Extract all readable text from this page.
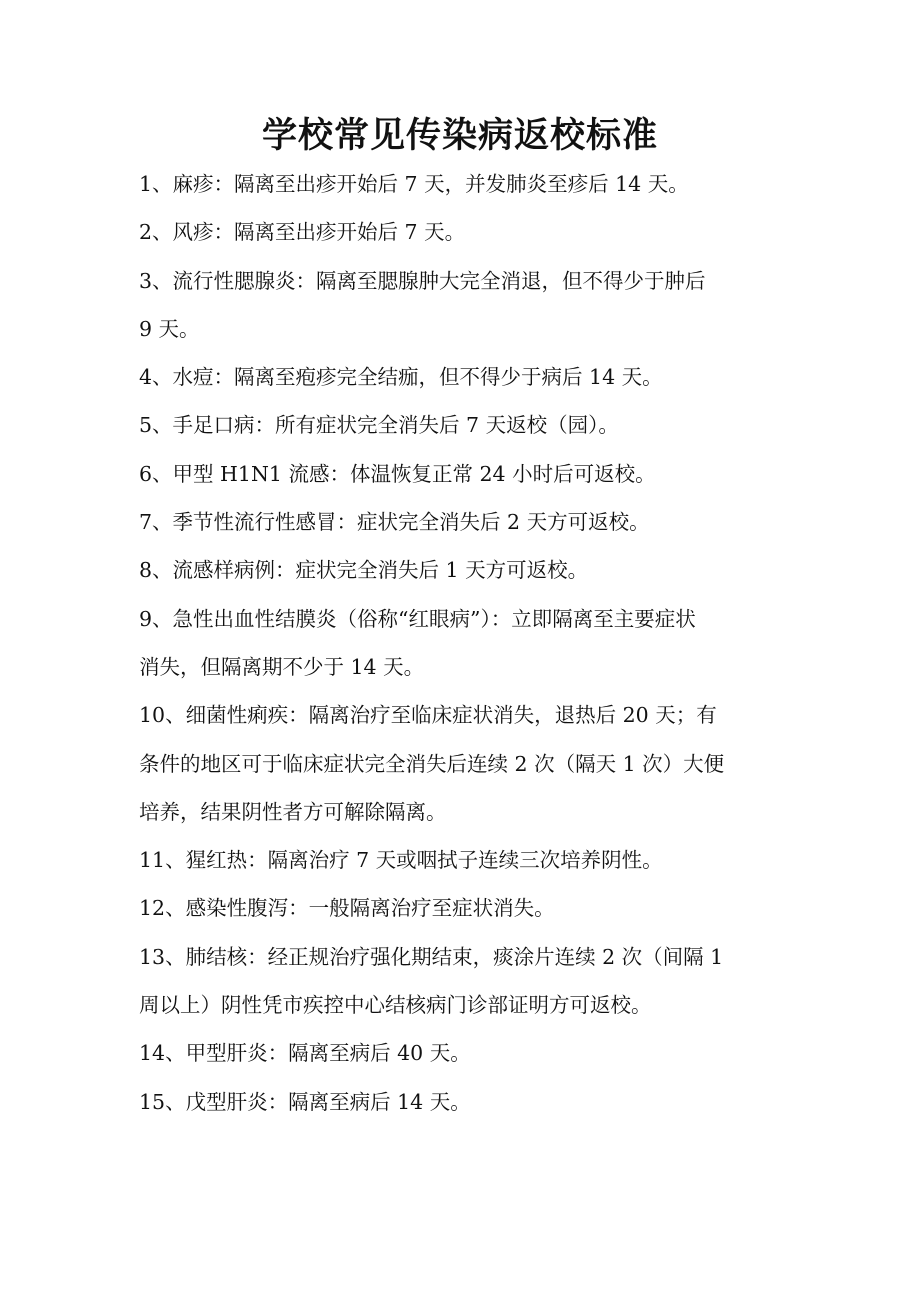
学校常见传染病返校标准
1、麻疹：隔离至出疹开始后 7 天，并发肺炎至疹后 14 天。
2、风疹：隔离至出疹开始后 7 天。
3、流行性腮腺炎：隔离至腮腺肿大完全消退，但不得少于肿后
9 天。
4、水痘：隔离至疱疹完全结痂，但不得少于病后 14 天。
5、手足口病：所有症状完全消失后 7 天返校（园）。
6、甲型 H1N1 流感：体温恢复正常 24 小时后可返校。
7、季节性流行性感冒：症状完全消失后 2 天方可返校。
8、流感样病例：症状完全消失后 1 天方可返校。
9、急性出血性结膜炎（俗称“红眼病”）：立即隔离至主要症状
消失，但隔离期不少于 14 天。
10、细菌性痢疾：隔离治疗至临床症状消失，退热后 20 天；有
条件的地区可于临床症状完全消失后连续 2 次（隔天 1 次）大便
培养，结果阴性者方可解除隔离。
11、猩红热：隔离治疗 7 天或咽拭子连续三次培养阴性。
12、感染性腹泻：一般隔离治疗至症状消失。
13、肺结核：经正规治疗强化期结束，痰涂片连续 2 次（间隔 1
周以上）阴性凭市疾控中心结核病门诊部证明方可返校。
14、甲型肝炎：隔离至病后 40 天。
15、戊型肝炎：隔离至病后 14 天。
